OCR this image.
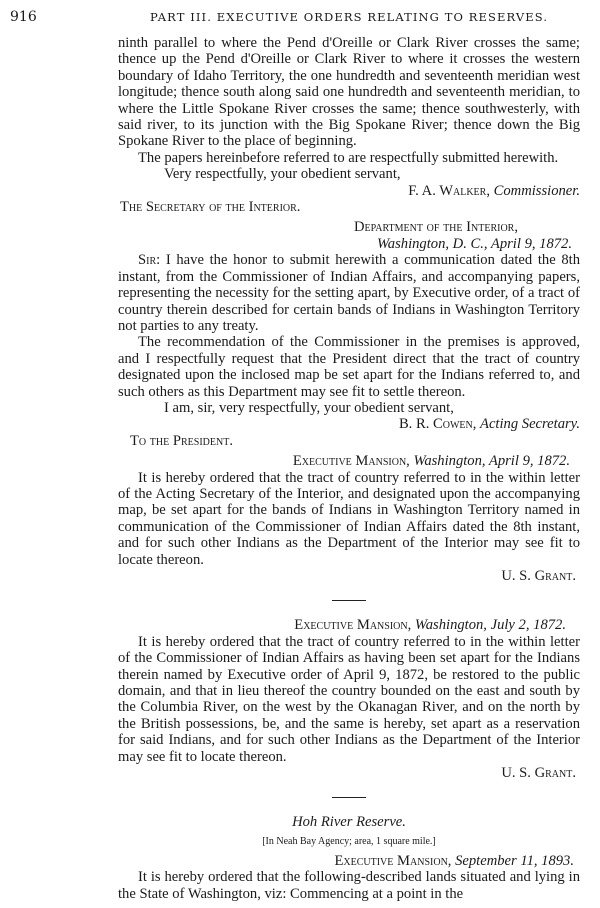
916	PART III. EXECUTIVE ORDERS RELATING TO RESERVES.

ninth parallel to where the Pend d'Oreille or Clark River crosses the same; thence up the Pend d'Oreille or Clark River to where it crosses the western boundary of Idaho Territory, the one hundredth and seventeenth meridian west longitude; thence south along said one hundredth and seventeenth meridian, to where the Little Spokane River crosses the same; thence southwesterly, with said river, to its junction with the Big Spokane River; thence down the Big Spokane River to the place of beginning.

The papers hereinbefore referred to are respectfully submitted herewith.

Very respectfully, your obedient servant,

F. A. Walker, Commissioner.

The Secretary of the Interior.

Department of the Interior,

Washington, D. C., April 9, 1872.

Sir: I have the honor to submit herewith a communication dated the 8th instant, from the Commissioner of Indian Affairs, and accompanying papers, representing the necessity for the setting apart, by Executive order, of a tract of country therein described for certain bands of Indians in Washington Territory not parties to any treaty.

The recommendation of the Commissioner in the premises is approved, and I respectfully request that the President direct that the tract of country designated upon the inclosed map be set apart for the Indians referred to, and such others as this Department may see fit to settle thereon.

I am, sir, very respectfully, your obedient servant,

B. R. Cowen, Acting Secretary.

To the President.

Executive Mansion, Washington, April 9, 1872.

It is hereby ordered that the tract of country referred to in the within letter of the Acting Secretary of the Interior, and designated upon the accompanying map, be set apart for the bands of Indians in Washington Territory named in communication of the Commissioner of Indian Affairs dated the 8th instant, and for such other Indians as the Department of the Interior may see fit to locate thereon.

U. S. Grant.

Executive Mansion, Washington, July 2, 1872.

It is hereby ordered that the tract of country referred to in the within letter of the Commissioner of Indian Affairs as having been set apart for the Indians therein named by Executive order of April 9, 1872, be restored to the public domain, and that in lieu thereof the country bounded on the east and south by the Columbia River, on the west by the Okanagan River, and on the north by the British possessions, be, and the same is hereby, set apart as a reservation for said Indians, and for such other Indians as the Department of the Interior may see fit to locate thereon.

U. S. Grant.

Hoh River Reserve.

[In Neah Bay Agency; area, 1 square mile.]

Executive Mansion, September 11, 1893.

It is hereby ordered that the following-described lands situated and lying in the State of Washington, viz: Commencing at a point in the
